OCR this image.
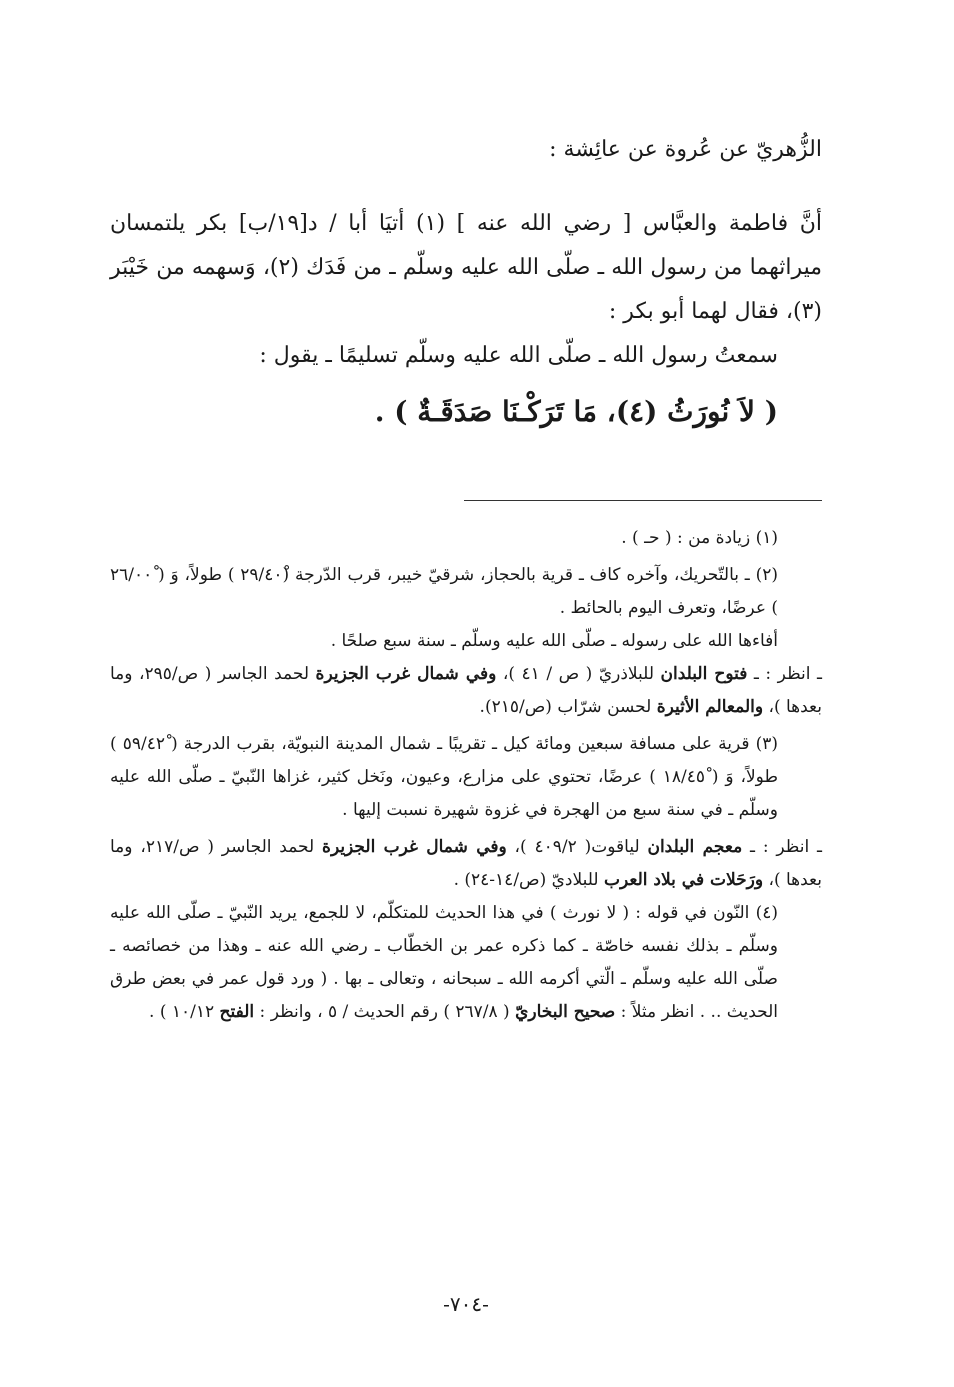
الزُّهريّ عن عُروة عن عائِشة :

أنَّ فاطمة والعبَّاس [ رضي الله عنه ] (١) أتيَا أبا / د[١٩/ب] بكر يلتمسان ميراثهما من رسول الله ـ صلّى الله عليه وسلّم ـ من فَدَك (٢)، وَسهمه من خَيْبَر (٣)، فقال لهما أبو بكر :

سمعتُ رسول الله ـ صلّى الله عليه وسلّم تسليمًا ـ يقول :

( لاَ نُورَثُ (٤)، مَا تَرَكْـنَا صَدَقَـةٌ ) .

(١) زيادة من : ( حـ ) .

(٢) ـ بالتّحريك، وآخره كاف ـ قرية بالحجاز، شرقيّ خيبر، قرب الدّرجة (٢٩/٤٠ْ ) طولاً، وَ ( ٢٦/٠٠ْ ) عرضًا، وتعرف اليوم بالحائط .

أفاءها الله على رسوله ـ صلّى الله عليه وسلّم ـ سنة سبع صلحًا .

ـ انظر : ـ فتوح البلدان للبلاذريّ ( ص / ٤١ )، وفي شمال غرب الجزيرة لحمد الجاسر ( ص/٢٩٥، وما بعدها )، والمعالم الأثيرة لحسن شرّاب (ص/٢١٥).

(٣) قرية على مسافة سبعين ومائة كيل ـ تقريبًا ـ شمال المدينة النبويّة، بقرب الدرجة ( ٥٩/٤٢ْ ) طولاً، وَ ( ١٨/٤٥ْ ) عرضًا، تحتوي على مزارع، وعيون، ونَخل كثير، غزاها النّبيّ ـ صلّى الله عليه وسلّم ـ في سنة سبع من الهجرة في غزوة شهيرة نسبت إليها .

ـ انظر : ـ معجم البلدان لياقوت( ٤٠٩/٢ )، وفي شمال غرب الجزيرة لحمد الجاسر ( ص/٢١٧، وما بعدها )، ورَحَلات في بلاد العرب للبلاديّ (ص/١٤-٢٤) .

(٤) النّون في قوله : ( لا نورث ) في هذا الحديث للمتكلّم، لا للجمع، يريد النّبيّ ـ صلّى الله عليه وسلّم ـ بذلك نفسه خاصّة ـ كما ذكره عمر بن الخطّاب ـ رضي الله عنه ـ وهذا من خصائصه ـ صلّى الله عليه وسلّم ـ الّتي أكرمه الله ـ سبحانه ، وتعالى ـ بها . ( ورد قول عمر في بعض طرق الحديث .. . انظر مثلاً : صحيح البخاريّ ( ٢٦٧/٨ ) رقم الحديث / ٥ ، وانظر : الفتح ١٠/١٢ ) .

-٧٠٤-
